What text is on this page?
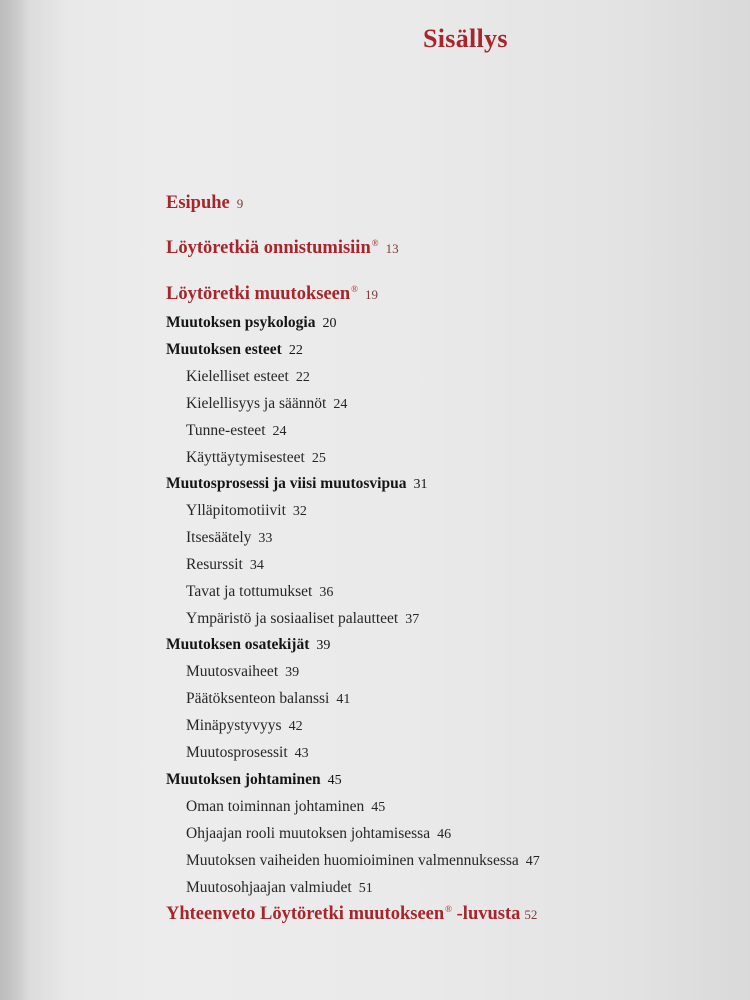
Sisällys
Esipuhe 9
Löytöretkiä onnistumisiin® 13
Löytöretki muutokseen® 19
Muutoksen psykologia 20
Muutoksen esteet 22
Kielelliset esteet 22
Kielellisyys ja säännöt 24
Tunne-esteet 24
Käyttäytymisesteet 25
Muutosprosessi ja viisi muutosvipua 31
Ylläpitomotiivit 32
Itsesäätely 33
Resurssit 34
Tavat ja tottumukset 36
Ympäristö ja sosiaaliset palautteet 37
Muutoksen osatekijät 39
Muutosvaiheet 39
Päätöksenteon balanssi 41
Minäpystyvyys 42
Muutosprosessit 43
Muutoksen johtaminen 45
Oman toiminnan johtaminen 45
Ohjaajan rooli muutoksen johtamisessa 46
Muutoksen vaiheiden huomioiminen valmennuksessa 47
Muutosohjaajan valmiudet 51
Yhteenveto Löytöretki muutokseen® -luvusta 52
